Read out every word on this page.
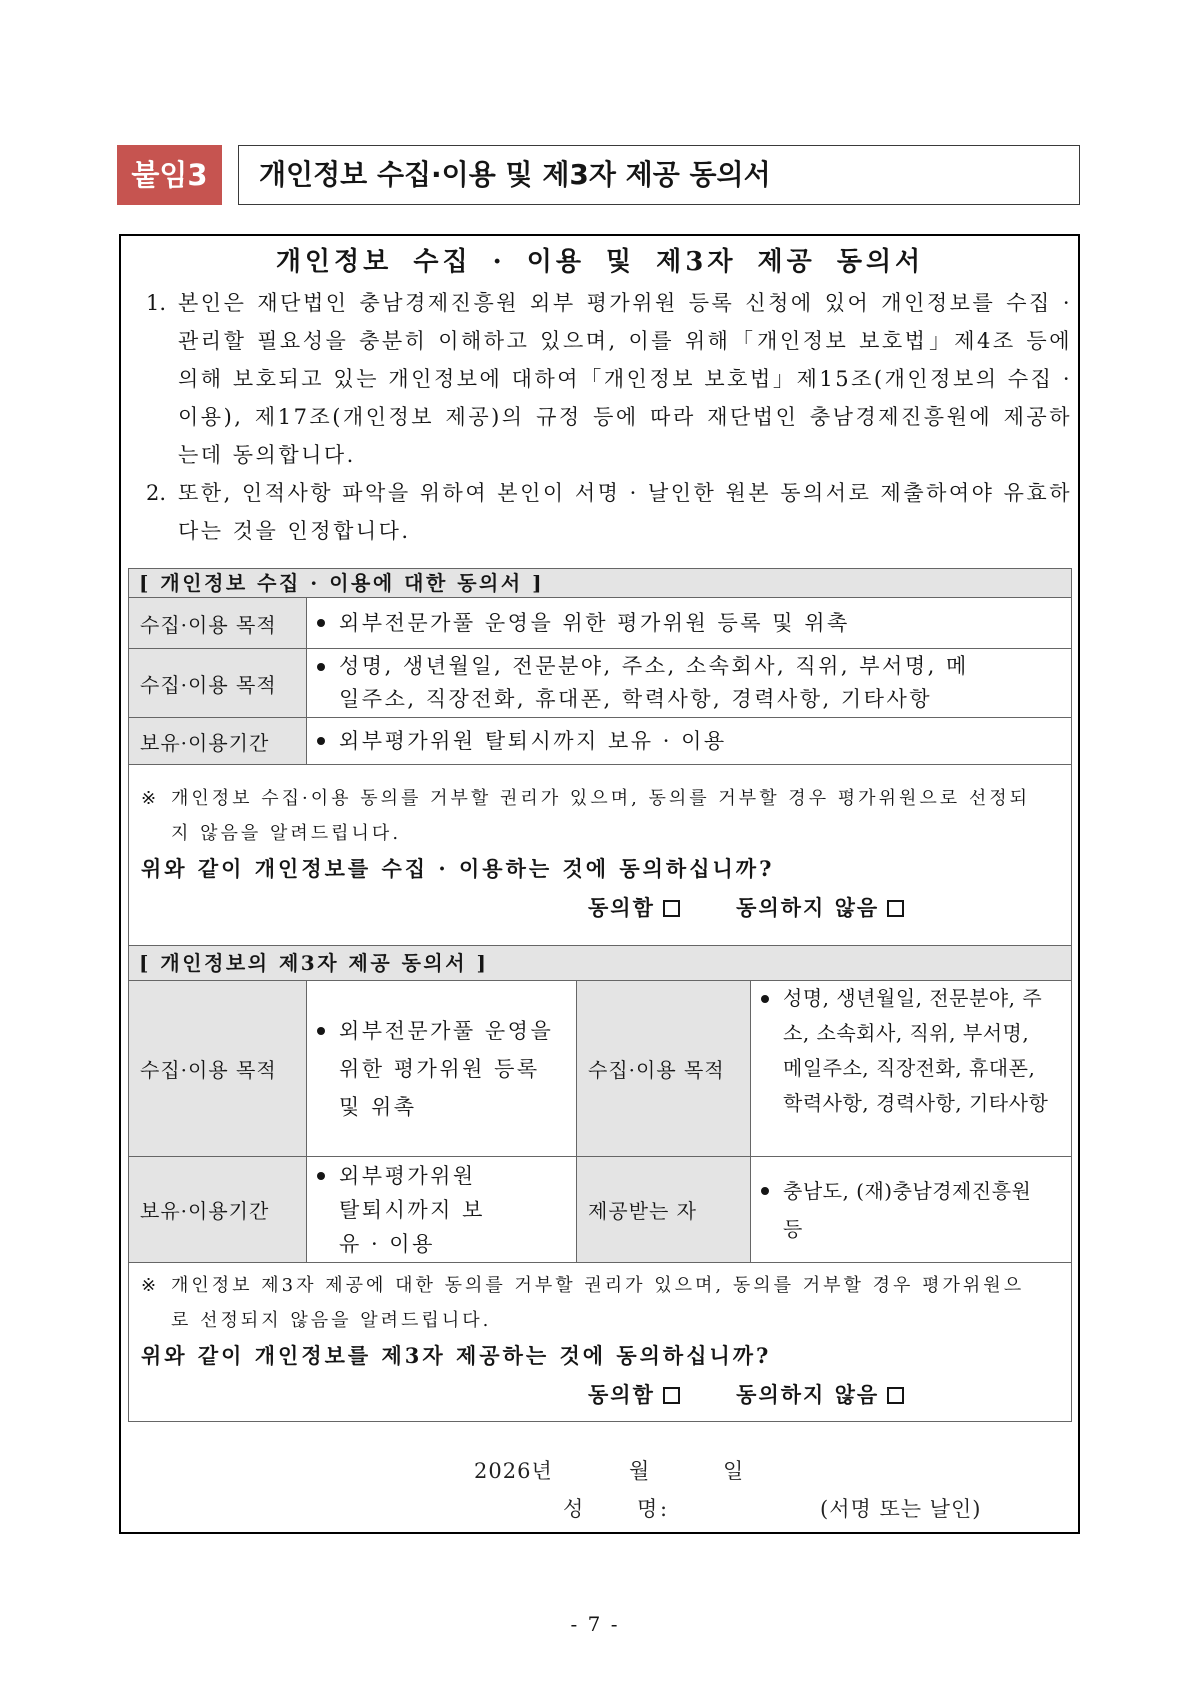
붙임3	개인정보 수집·이용 및 제3자 제공 동의서
개인정보 수집 · 이용 및 제3자 제공 동의서

1. 본인은 재단법인 충남경제진흥원 외부 평가위원 등록 신청에 있어 개인정보를 수집 · 관리할 필요성을 충분히 이해하고 있으며, 이를 위해「개인정보 보호법」제4조 등에 의해 보호되고 있는 개인정보에 대하여「개인정보 보호법」제15조(개인정보의 수집 · 이용), 제17조(개인정보 제공)의 규정 등에 따라 재단법인 충남경제진흥원에 제공하는데 동의합니다.

2. 또한, 인적사항 파악을 위하여 본인이 서명 · 날인한 원본 동의서로 제출하여야 유효하다는 것을 인정합니다.

[ 개인정보 수집 · 이용에 대한 동의서 ]			
수집·이용 목적	외부전문가풀 운영을 위한 평가위원 등록 및 위촉		

수집·이용 목적	성명, 생년월일, 전문분야, 주소, 소속회사, 직위, 부서명, 메일주소, 직장전화, 휴대폰, 학력사항, 경력사항, 기타사항		

보유·이용기간	외부평가위원 탈퇴시까지 보유 · 이용		

※ 개인정보 수집·이용 동의를 거부할 권리가 있으며, 동의를 거부할 경우 평가위원으로 선정되지 않음을 알려드립니다.

위와 같이 개인정보를 수집 · 이용하는 것에 동의하십니까?

동의함 동의하지 않음			

[ 개인정보의 제3자 제공 동의서 ]			
수집·이용 목적	외부전문가풀 운영을 위한 평가위원 등록 및 위촉	수집·이용 목적	성명, 생년월일, 전문분야, 주소, 소속회사, 직위, 부서명, 메일주소, 직장전화, 휴대폰, 학력사항, 경력사항, 기타사항

보유·이용기간	외부평가위원 탈퇴시까지 보유 · 이용	제공받는 자	충남도, (재)충남경제진흥원 등

※ 개인정보 제3자 제공에 대한 동의를 거부할 권리가 있으며, 동의를 거부할 경우 평가위원으로 선정되지 않음을 알려드립니다.

위와 같이 개인정보를 제3자 제공하는 것에 동의하십니까?

동의함 동의하지 않음			
2026년	월	일
성 명 :	(서명 또는 날인)
- 7 -
